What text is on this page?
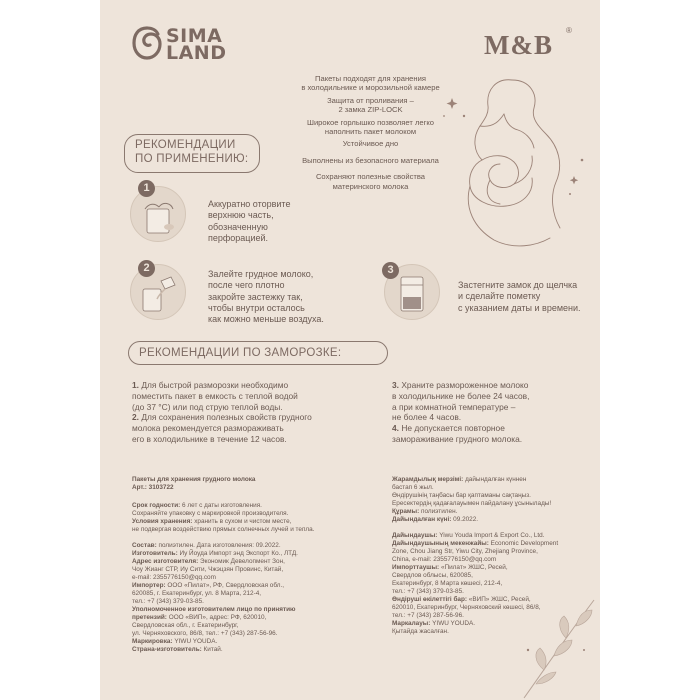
SIMA
LAND	M&B ®
Пакеты подходят для хранения
в холодильнике и морозильной камере
Защита от проливания –
2 замка ZIP-LOCK
Широкое горлышко позволяет легко
наполнить пакет молоком
Устойчивое дно
Выполнены из безопасного материала
Сохраняют полезные свойства
материнского молока
РЕКОМЕНДАЦИИ
ПО ПРИМЕНЕНИЮ:
1
Аккуратно оторвите
верхнюю часть,
обозначенную
перфорацией.
2	Залейте грудное молоко,
после чего плотно
закройте застежку так,
чтобы внутри осталось
как можно меньше воздуха.
3
Застегните замок до щелчка
и сделайте пометку
с указанием даты и времени.
РЕКОМЕНДАЦИИ ПО ЗАМОРОЗКЕ:
1. Для быстрой разморозки необходимо
поместить пакет в емкость с теплой водой
(до 37 °С) или под струю теплой воды.
2. Для сохранения полезных свойств грудного
молока рекомендуется размораживать
его в холодильнике в течение 12 часов.
3. Храните размороженное молоко
в холодильнике не более 24 часов,
а при комнатной температуре –
не более 4 часов.
4. Не допускается повторное
замораживание грудного молока.
Пакеты для хранения грудного молока
Арт.: 3103722
Срок годности: 6 лет с даты изготовления.
Сохраняйте упаковку с маркировкой производителя.
Условия хранения: хранить в сухом и чистом месте,
не подвергая воздействию прямых солнечных лучей и тепла.
Состав: полиэтилен. Дата изготовления: 09.2022.
Изготовитель: Иу Йоуда Импорт энд Экспорт Ко., ЛТД.
Адрес изготовителя: Экономик Девелопмент Зон,
Чоу Жианг СТР, Иу Сити, Чжэцзян Провинс, Китай,
e-mail: 2355776150@qq.com
Импортер: ООО «Пилат», РФ, Свердловская обл.,
620085, г. Екатеринбург, ул. 8 Марта, 212-4,
тел.: +7 (343) 379-03-85.
Уполномоченное изготовителем лицо по принятию
претензий: ООО «ВИП», адрес: РФ, 620010,
Свердловская обл., г. Екатеринбург,
ул. Черняховского, 86/8, тел.: +7 (343) 287-56-96.
Маркировка: YIWU YOUDA.
Страна-изготовитель: Китай.
Жарамдылық мерзімі: дайындалған күннен
бастап 6 жыл.
Өндірушінің таңбасы бар қаптаманы сақтаңыз.
Ересектердің қадағалауымен пайдалану ұсынылады!
Құрамы: полиэтилен.
Дайындалған күні: 09.2022.
Дайындаушы: Yiwu Youda Import & Export Co., Ltd.
Дайындаушының мекенжайы: Economic Development
Zone, Chou Jiang Str, Yiwu City, Zhejiang Province,
China, e-mail: 2355776150@qq.com
Импорттаушы: «Пилат» ЖШС, Ресей,
Свердлов облысы, 620085,
Екатеринбург, 8 Марта көшесі, 212-4,
тел.: +7 (343) 379-03-85.
Өндіруші өкілеттігі бар: «ВИП» ЖШС, Ресей,
620010, Екатеринбург, Черняховский көшесі, 86/8,
тел.: +7 (343) 287-56-96.
Маркалауы: YIWU YOUDA.
Қытайда жасалған.
